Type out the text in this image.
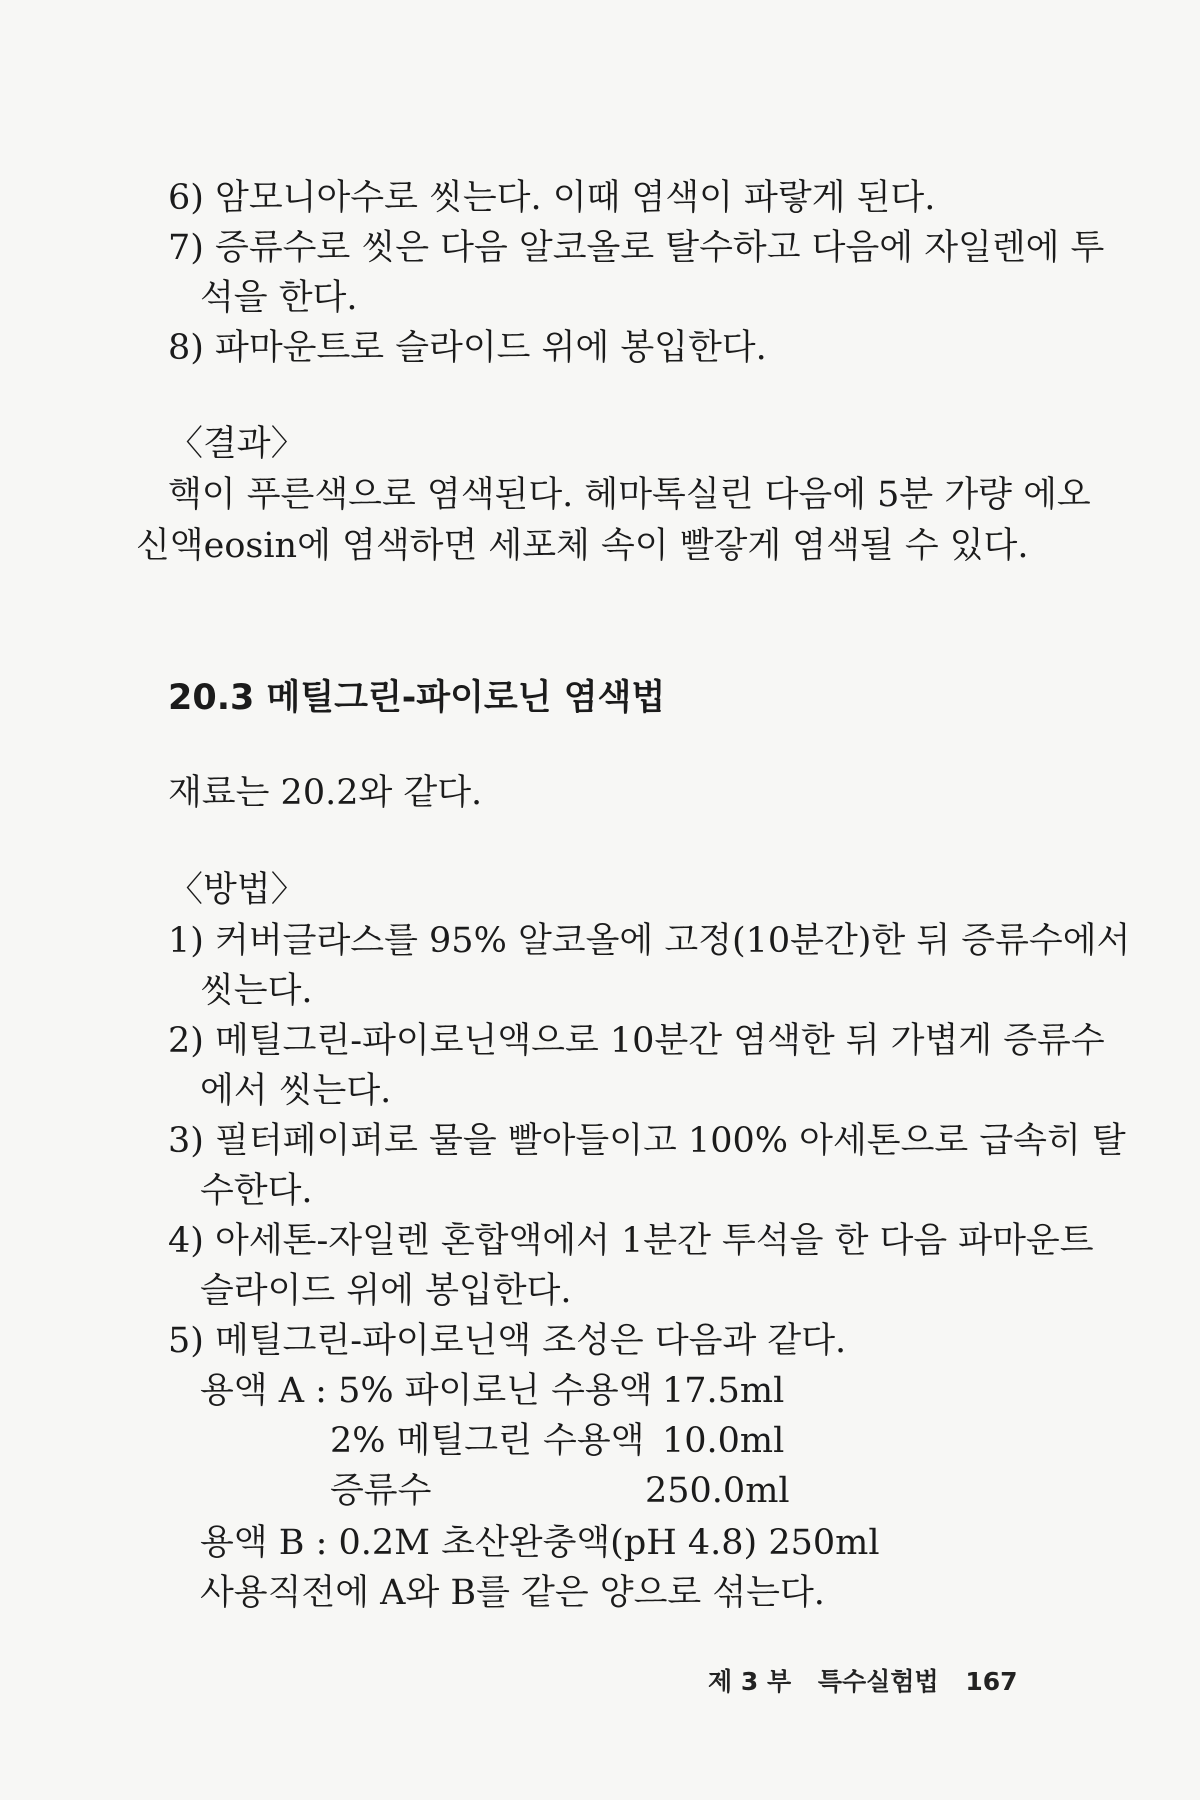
6) 암모니아수로 씻는다. 이때 염색이 파랗게 된다.

7) 증류수로 씻은 다음 알코올로 탈수하고 다음에 자일렌에 투

석을 한다.

8) 파마운트로 슬라이드 위에 봉입한다.

〈결과〉

핵이 푸른색으로 염색된다. 헤마톡실린 다음에 5분 가량 에오

신액eosin에 염색하면 세포체 속이 빨갛게 염색될 수 있다.

20.3 메틸그린-파이로닌 염색법

재료는 20.2와 같다.

〈방법〉

1) 커버글라스를 95% 알코올에 고정(10분간)한 뒤 증류수에서

씻는다.

2) 메틸그린-파이로닌액으로 10분간 염색한 뒤 가볍게 증류수

에서 씻는다.

3) 필터페이퍼로 물을 빨아들이고 100% 아세톤으로 급속히 탈

수한다.

4) 아세톤-자일렌 혼합액에서 1분간 투석을 한 다음 파마운트

슬라이드 위에 봉입한다.

5) 메틸그린-파이로닌액 조성은 다음과 같다.

용액 A : 5% 파이로닌 수용액 17.5ml
2% 메틸그린 수용액 10.0ml
증류수	250.0ml

용액 B : 0.2M 초산완충액(pH 4.8) 250ml

사용직전에 A와 B를 같은 양으로 섞는다.

제 3 부 특수실험법 167
